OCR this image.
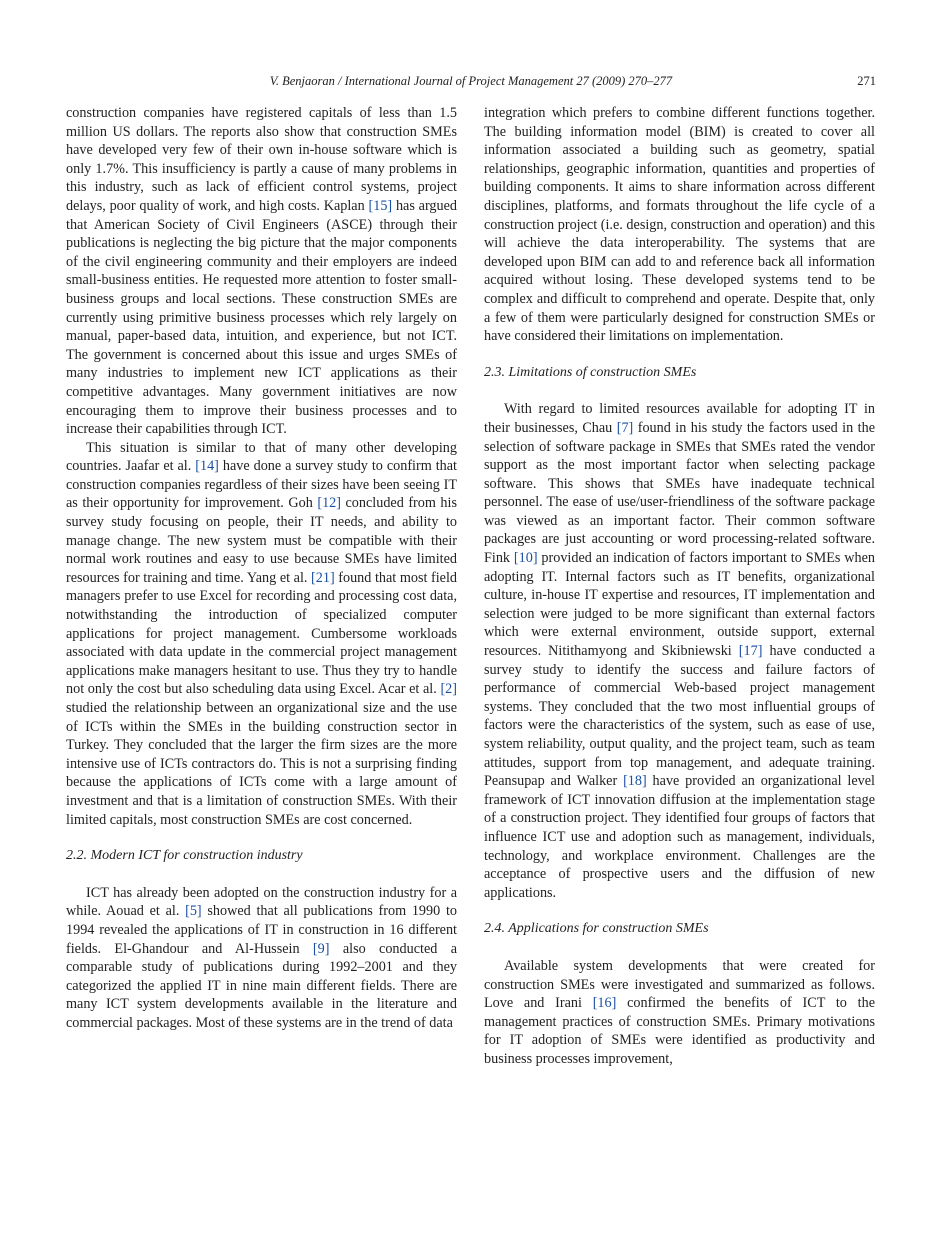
V. Benjaoran / International Journal of Project Management 27 (2009) 270–277	271

construction companies have registered capitals of less than 1.5 million US dollars. The reports also show that construction SMEs have developed very few of their own in-house software which is only 1.7%. This insufficiency is partly a cause of many problems in this industry, such as lack of efficient control systems, project delays, poor quality of work, and high costs. Kaplan [15] has argued that American Society of Civil Engineers (ASCE) through their publications is neglecting the big picture that the major components of the civil engineering community and their employers are indeed small-business entities. He requested more attention to foster small-business groups and local sections. These construction SMEs are currently using primitive business processes which rely largely on manual, paper-based data, intuition, and experience, but not ICT. The government is concerned about this issue and urges SMEs of many industries to implement new ICT applications as their competitive advantages. Many government initiatives are now encouraging them to improve their business processes and to increase their capabilities through ICT.

This situation is similar to that of many other developing countries. Jaafar et al. [14] have done a survey study to confirm that construction companies regardless of their sizes have been seeing IT as their opportunity for improvement. Goh [12] concluded from his survey study focusing on people, their IT needs, and ability to manage change. The new system must be compatible with their normal work routines and easy to use because SMEs have limited resources for training and time. Yang et al. [21] found that most field managers prefer to use Excel for recording and processing cost data, notwithstanding the introduction of specialized computer applications for project management. Cumbersome workloads associated with data update in the commercial project management applications make managers hesitant to use. Thus they try to handle not only the cost but also scheduling data using Excel. Acar et al. [2] studied the relationship between an organizational size and the use of ICTs within the SMEs in the building construction sector in Turkey. They concluded that the larger the firm sizes are the more intensive use of ICTs contractors do. This is not a surprising finding because the applications of ICTs come with a large amount of investment and that is a limitation of construction SMEs. With their limited capitals, most construction SMEs are cost concerned.

2.2. Modern ICT for construction industry

ICT has already been adopted on the construction industry for a while. Aouad et al. [5] showed that all publications from 1990 to 1994 revealed the applications of IT in construction in 16 different fields. El-Ghandour and Al-Hussein [9] also conducted a comparable study of publications during 1992–2001 and they categorized the applied IT in nine main different fields. There are many ICT system developments available in the literature and commercial packages. Most of these systems are in the trend of data

integration which prefers to combine different functions together. The building information model (BIM) is created to cover all information associated a building such as geometry, spatial relationships, geographic information, quantities and properties of building components. It aims to share information across different disciplines, platforms, and formats throughout the life cycle of a construction project (i.e. design, construction and operation) and this will achieve the data interoperability. The systems that are developed upon BIM can add to and reference back all information acquired without losing. These developed systems tend to be complex and difficult to comprehend and operate. Despite that, only a few of them were particularly designed for construction SMEs or have considered their limitations on implementation.

2.3. Limitations of construction SMEs

With regard to limited resources available for adopting IT in their businesses, Chau [7] found in his study the factors used in the selection of software package in SMEs that SMEs rated the vendor support as the most important factor when selecting package software. This shows that SMEs have inadequate technical personnel. The ease of use/user-friendliness of the software package was viewed as an important factor. Their common software packages are just accounting or word processing-related software. Fink [10] provided an indication of factors important to SMEs when adopting IT. Internal factors such as IT benefits, organizational culture, in-house IT expertise and resources, IT implementation and selection were judged to be more significant than external factors which were external environment, outside support, external resources. Nitithamyong and Skibniewski [17] have conducted a survey study to identify the success and failure factors of performance of commercial Web-based project management systems. They concluded that the two most influential groups of factors were the characteristics of the system, such as ease of use, system reliability, output quality, and the project team, such as team attitudes, support from top management, and adequate training. Peansupap and Walker [18] have provided an organizational level framework of ICT innovation diffusion at the implementation stage of a construction project. They identified four groups of factors that influence ICT use and adoption such as management, individuals, technology, and workplace environment. Challenges are the acceptance of prospective users and the diffusion of new applications.

2.4. Applications for construction SMEs

Available system developments that were created for construction SMEs were investigated and summarized as follows. Love and Irani [16] confirmed the benefits of ICT to the management practices of construction SMEs. Primary motivations for IT adoption of SMEs were identified as productivity and business processes improvement,
